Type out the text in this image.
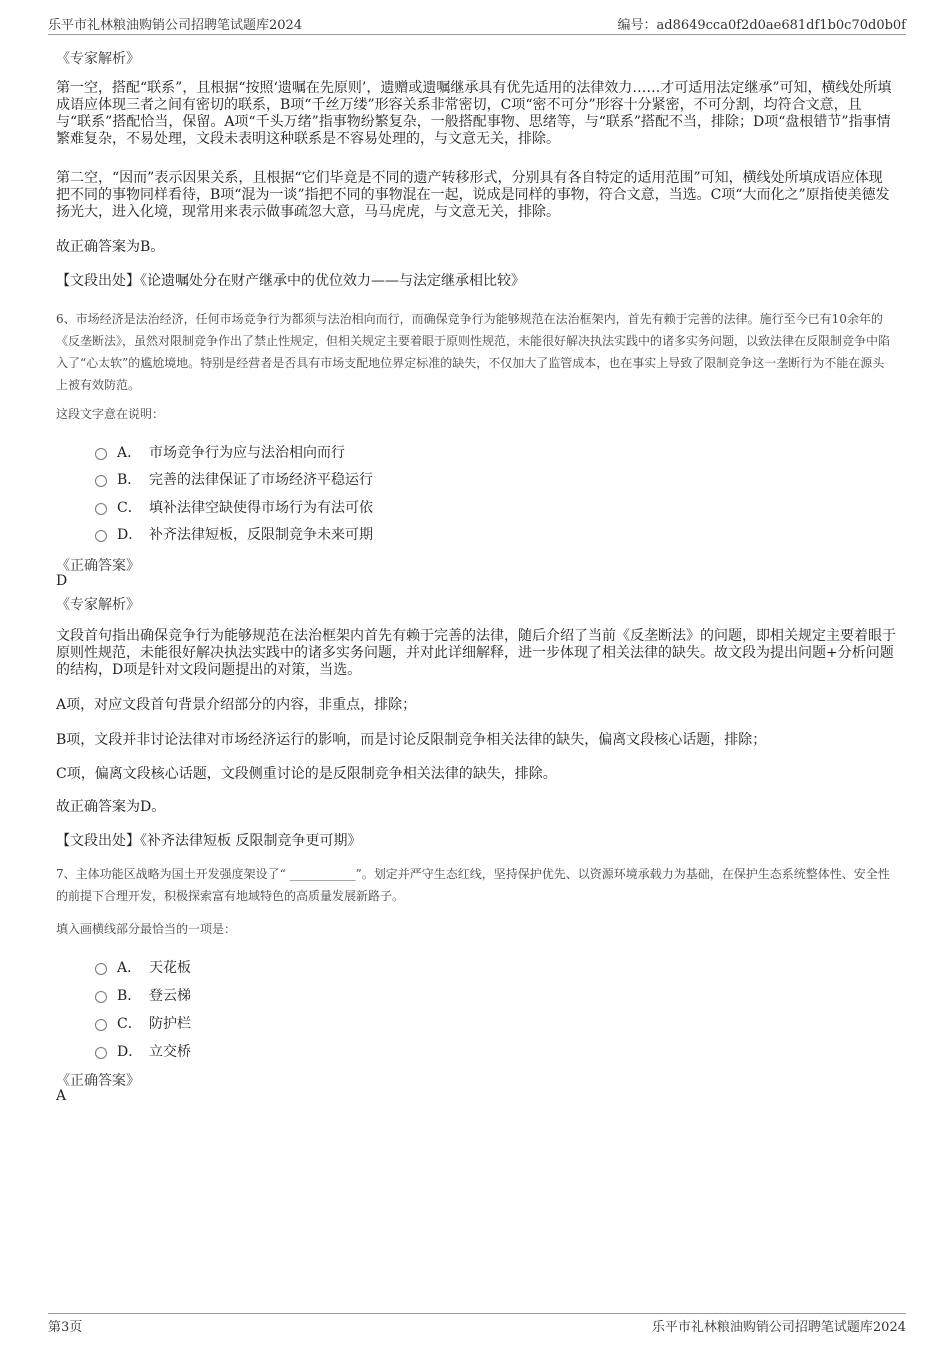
乐平市礼林粮油购销公司招聘笔试题库2024	编号：ad8649cca0f2d0ae681df1b0c70d0b0f
《专家解析》
第一空，搭配“联系”，且根据“按照‘遗嘱在先原则’，遗赠或遗嘱继承具有优先适用的法律效力……才可适用法定继承”可知，横线处所填成语应体现三者之间有密切的联系，B项“千丝万缕”形容关系非常密切，C项“密不可分”形容十分紧密，不可分割，均符合文意，且与“联系”搭配恰当，保留。A项“千头万绪”指事物纷繁复杂，一般搭配事物、思绪等，与“联系”搭配不当，排除；D项“盘根错节”指事情繁难复杂，不易处理，文段未表明这种联系是不容易处理的，与文意无关，排除。
第二空，“因而”表示因果关系，且根据“它们毕竟是不同的遗产转移形式，分别具有各自特定的适用范围”可知，横线处所填成语应体现把不同的事物同样看待，B项“混为一谈”指把不同的事物混在一起，说成是同样的事物，符合文意，当选。C项“大而化之”原指使美德发扬光大，进入化境，现常用来表示做事疏忽大意，马马虎虎，与文意无关，排除。
故正确答案为B。
【文段出处】《论遗嘱处分在财产继承中的优位效力——与法定继承相比较》
6、市场经济是法治经济，任何市场竞争行为都须与法治相向而行，而确保竞争行为能够规范在法治框架内，首先有赖于完善的法律。施行至今已有10余年的《反垄断法》，虽然对限制竞争作出了禁止性规定，但相关规定主要着眼于原则性规范，未能很好解决执法实践中的诸多实务问题，以致法律在反限制竞争中陷入了“心太软”的尴尬境地。特别是经营者是否具有市场支配地位界定标准的缺失，不仅加大了监管成本，也在事实上导致了限制竞争这一垄断行为不能在源头上被有效防范。
这段文字意在说明：
A． 市场竞争行为应与法治相向而行
B． 完善的法律保证了市场经济平稳运行
C． 填补法律空缺使得市场行为有法可依
D． 补齐法律短板，反限制竞争未来可期
《正确答案》
D
《专家解析》
文段首句指出确保竞争行为能够规范在法治框架内首先有赖于完善的法律，随后介绍了当前《反垄断法》的问题，即相关规定主要着眼于原则性规范，未能很好解决执法实践中的诸多实务问题，并对此详细解释，进一步体现了相关法律的缺失。故文段为提出问题+分析问题的结构，D项是针对文段问题提出的对策，当选。
A项，对应文段首句背景介绍部分的内容，非重点，排除；
B项，文段并非讨论法律对市场经济运行的影响，而是讨论反限制竞争相关法律的缺失，偏离文段核心话题，排除；
C项，偏离文段核心话题，文段侧重讨论的是反限制竞争相关法律的缺失，排除。
故正确答案为D。
【文段出处】《补齐法律短板 反限制竞争更可期》
7、主体功能区战略为国土开发强度架设了“ ___________”。划定并严守生态红线，坚持保护优先、以资源环境承载力为基础，在保护生态系统整体性、安全性的前提下合理开发，积极探索富有地域特色的高质量发展新路子。
填入画横线部分最恰当的一项是：
A． 天花板
B． 登云梯
C． 防护栏
D． 立交桥
《正确答案》
A
第3页	乐平市礼林粮油购销公司招聘笔试题库2024
